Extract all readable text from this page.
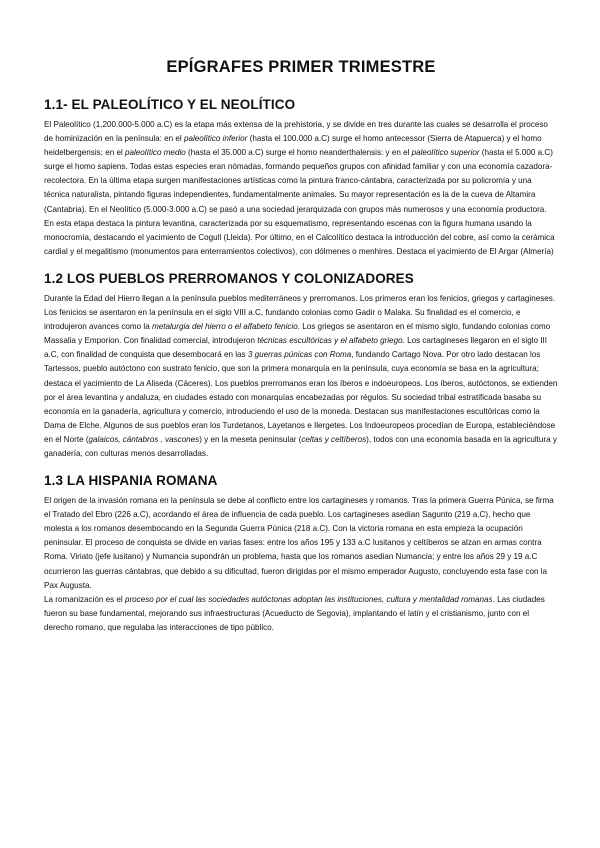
EPÍGRAFES PRIMER TRIMESTRE
1.1- EL PALEOLÍTICO Y EL NEOLÍTICO

El Paleolítico (1.200.000-5.000 a.C) es la etapa más extensa de la prehistoria, y se divide en tres durante las cuales se desarrolla el proceso de hominización en la península: en el paleolítico inferior (hasta el 100.000 a.C) surge el homo antecessor (Sierra de Atapuerca) y el homo heidelbergensis; en el paleolítico medio (hasta el 35.000 a.C) surge el homo neanderthalensis: y en el paleolítico superior (hasta el 5.000 a.C) surge el homo sapiens. Todas estas especies eran nómadas, formando pequeños grupos con afinidad familiar y con una economía cazadora-recolectora. En la última etapa surgen manifestaciones artísticas como la pintura franco-cántabra, caracterizada por su policromía y una técnica naturalista, pintando figuras independientes, fundamentalmente animales. Su mayor representación es la de la cueva de Altamira (Cantabria). En el Neolítico (5.000-3.000 a.C) se pasó a una sociedad jerarquizada con grupos más numerosos y una economía productora. En esta etapa destaca la pintura levantina, caracterizada por su esquematismo, representando escenas con la figura humana usando la monocromía, destacando el yacimiento de Cogull (Lleida). Por último, en el Calcolítico destaca la introducción del cobre, así como la cerámica cardial y el megalitismo (monumentos para enterramientos colectivos), con dólmenes o menhires. Destaca el yacimiento de El Argar (Almería)

1.2 LOS PUEBLOS PRERROMANOS Y COLONIZADORES

Durante la Edad del Hierro llegan a la península pueblos mediterráneos y prerromanos. Los primeros eran los fenicios, griegos y cartagineses. Los fenicios se asentaron en la península en el siglo VIII a.C, fundando colonias como Gadir o Malaka. Su finalidad es el comercio, e introdujeron avances como la metalurgia del hierro o el alfabeto fenicio. Los griegos se asentaron en el mismo siglo, fundando colonias como Massalia y Emporion. Con finalidad comercial, introdujeron técnicas escultóricas y el alfabeto griego. Los cartagineses llegaron en el siglo III a.C, con finalidad de conquista que desembocará en las 3 guerras púnicas con Roma, fundando Cartago Nova. Por otro lado destacan los Tartessos, pueblo autóctono con sustrato fenicio, que son la primera monarquía en la península, cuya economía se basa en la agricultura; destaca el yacimiento de La Aliseda (Cáceres). Los pueblos prerromanos eran los íberos e indoeuropeos. Los íberos, autóctonos, se extienden por el área levantina y andaluza, en ciudades estado con monarquías encabezadas por régulos. Su sociedad tribal estratificada basaba su economía en la ganadería, agricultura y comercio, introduciendo el uso de la moneda. Destacan sus manifestaciones escultóricas como la Dama de Elche. Algunos de sus pueblos eran los Turdetanos, Layetanos e Ilergetes. Los Indoeuropeos procedían de Europa, estableciéndose en el Norte (galaicos, cántabros , vascones) y en la meseta peninsular (celtas y celtíberos), todos con una economía basada en la agricultura y ganadería, con culturas menos desarrolladas.

1.3 LA HISPANIA ROMANA

El origen de la invasión romana en la península se debe al conflicto entre los cartagineses y romanos. Tras la primera Guerra Púnica, se firma el Tratado del Ebro (226 a.C), acordando el área de influencia de cada pueblo. Los cartagineses asedian Sagunto (219 a.C), hecho que molesta a los romanos desembocando en la Segunda Guerra Púnica (218 a.C). Con la victoria romana en esta empieza la ocupación peninsular. El proceso de conquista se divide en varias fases: entre los años 195 y 133 a.C lusitanos y celtíberos se alzan en armas contra Roma. Viriato (jefe lusitano) y Numancia supondrán un problema, hasta que los romanos asedian Numancia; y entre los años 29 y 19 a.C ocurrieron las guerras cántabras, que debido a su dificultad, fueron dirigidas por el mismo emperador Augusto, concluyendo esta fase con la Pax Augusta.

La romanización es el proceso por el cual las sociedades autóctonas adoptan las instituciones, cultura y mentalidad romanas. Las ciudades fueron su base fundamental, mejorando sus infraestructuras (Acueducto de Segovia), implantando el latín y el cristianismo, junto con el derecho romano, que regulaba las interacciones de tipo público.
